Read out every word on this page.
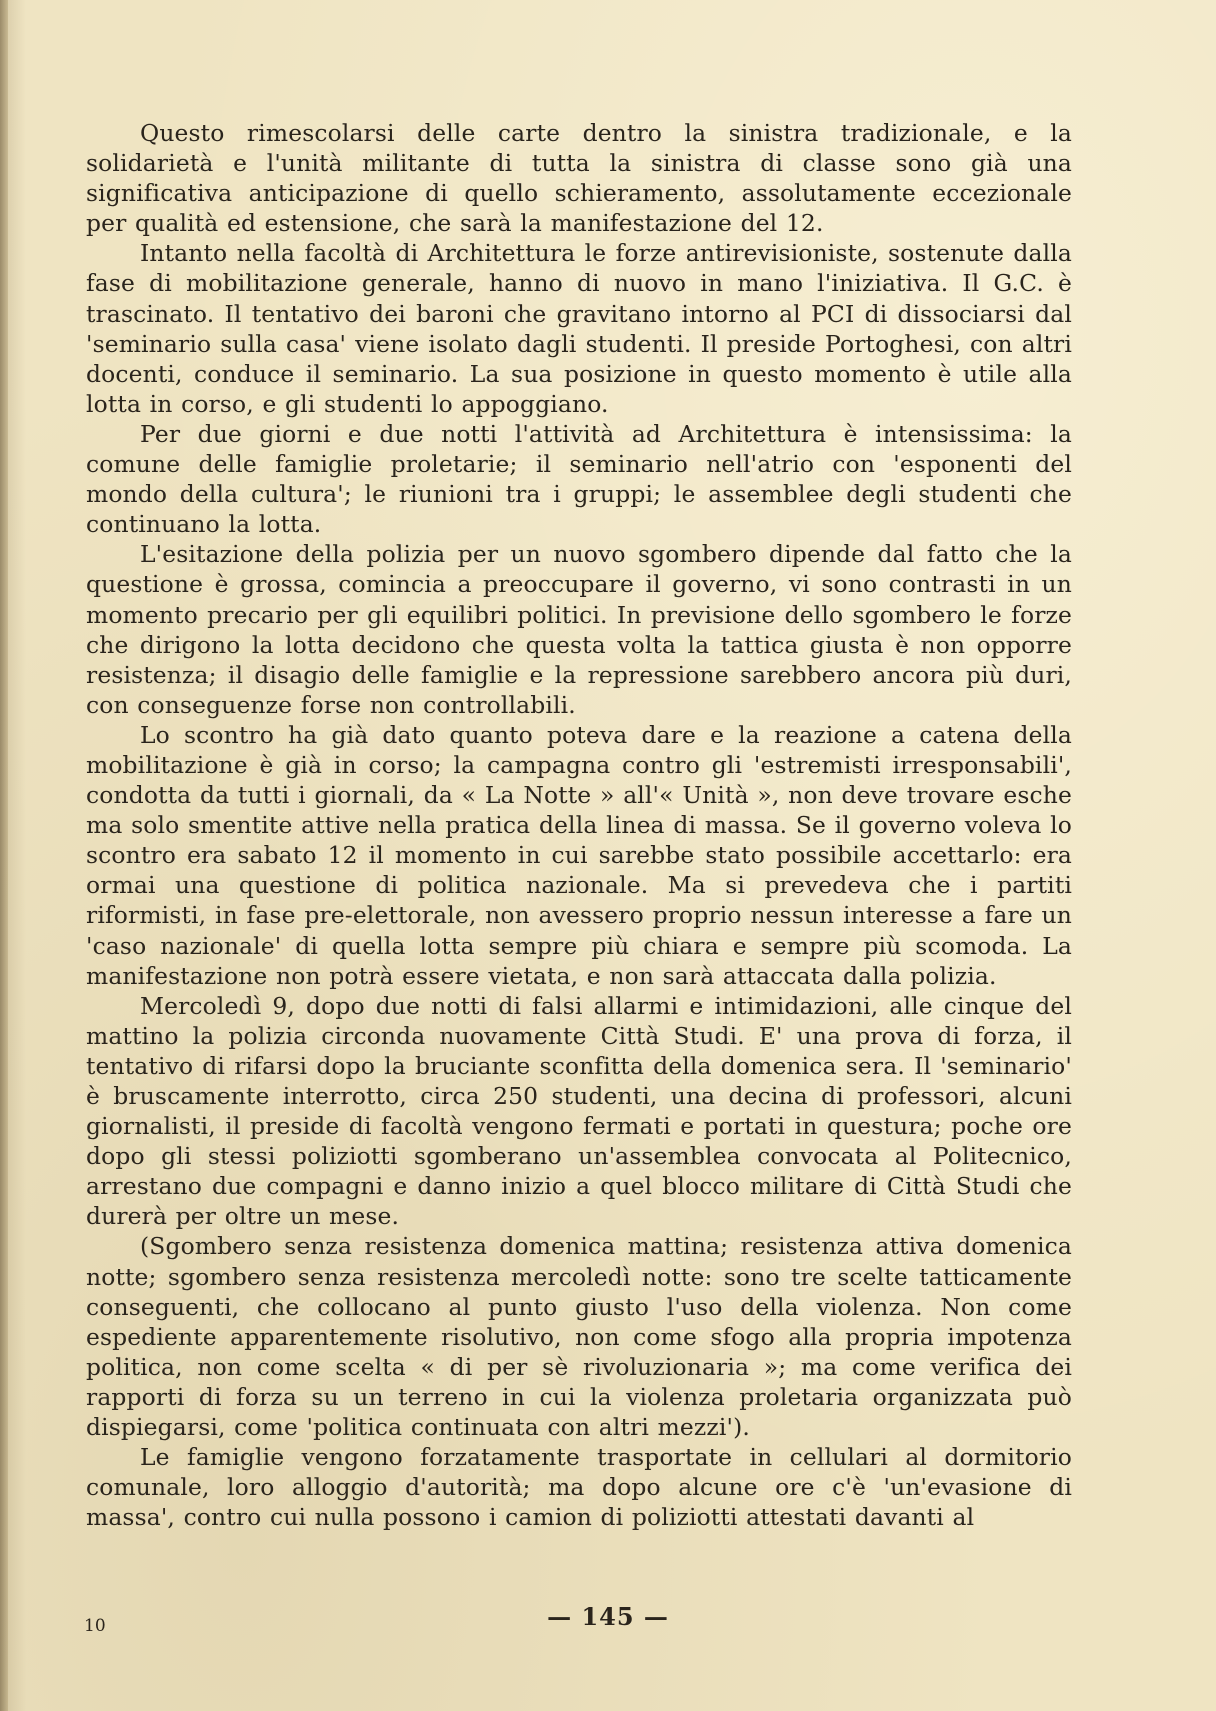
Questo rimescolarsi delle carte dentro la sinistra tradizionale, e la solidarietà e l'unità militante di tutta la sinistra di classe sono già una significativa anticipazione di quello schieramento, assolutamente eccezionale per qualità ed estensione, che sarà la manifestazione del 12.

Intanto nella facoltà di Architettura le forze antirevisioniste, sostenute dalla fase di mobilitazione generale, hanno di nuovo in mano l'iniziativa. Il G.C. è trascinato. Il tentativo dei baroni che gravitano intorno al PCI di dissociarsi dal 'seminario sulla casa' viene isolato dagli studenti. Il preside Portoghesi, con altri docenti, conduce il seminario. La sua posizione in questo momento è utile alla lotta in corso, e gli studenti lo appoggiano.

Per due giorni e due notti l'attività ad Architettura è intensissima: la comune delle famiglie proletarie; il seminario nell'atrio con 'esponenti del mondo della cultura'; le riunioni tra i gruppi; le assemblee degli studenti che continuano la lotta.

L'esitazione della polizia per un nuovo sgombero dipende dal fatto che la questione è grossa, comincia a preoccupare il governo, vi sono contrasti in un momento precario per gli equilibri politici. In previsione dello sgombero le forze che dirigono la lotta decidono che questa volta la tattica giusta è non opporre resistenza; il disagio delle famiglie e la repressione sarebbero ancora più duri, con conseguenze forse non controllabili.

Lo scontro ha già dato quanto poteva dare e la reazione a catena della mobilitazione è già in corso; la campagna contro gli 'estremisti irresponsabili', condotta da tutti i giornali, da « La Notte » all'« Unità », non deve trovare esche ma solo smentite attive nella pratica della linea di massa. Se il governo voleva lo scontro era sabato 12 il momento in cui sarebbe stato possibile accettarlo: era ormai una questione di politica nazionale. Ma si prevedeva che i partiti riformisti, in fase pre-elettorale, non avessero proprio nessun interesse a fare un 'caso nazionale' di quella lotta sempre più chiara e sempre più scomoda. La manifestazione non potrà essere vietata, e non sarà attaccata dalla polizia.

Mercoledì 9, dopo due notti di falsi allarmi e intimidazioni, alle cinque del mattino la polizia circonda nuovamente Città Studi. E' una prova di forza, il tentativo di rifarsi dopo la bruciante sconfitta della domenica sera. Il 'seminario' è bruscamente interrotto, circa 250 studenti, una decina di professori, alcuni giornalisti, il preside di facoltà vengono fermati e portati in questura; poche ore dopo gli stessi poliziotti sgomberano un'assemblea convocata al Politecnico, arrestano due compagni e danno inizio a quel blocco militare di Città Studi che durerà per oltre un mese.

(Sgombero senza resistenza domenica mattina; resistenza attiva domenica notte; sgombero senza resistenza mercoledì notte: sono tre scelte tatticamente conseguenti, che collocano al punto giusto l'uso della violenza. Non come espediente apparentemente risolutivo, non come sfogo alla propria impotenza politica, non come scelta « di per sè rivoluzionaria »; ma come verifica dei rapporti di forza su un terreno in cui la violenza proletaria organizzata può dispiegarsi, come 'politica continuata con altri mezzi').

Le famiglie vengono forzatamente trasportate in cellulari al dormitorio comunale, loro alloggio d'autorità; ma dopo alcune ore c'è 'un'evasione di massa', contro cui nulla possono i camion di poliziotti attestati davanti al

— 145 —
10
